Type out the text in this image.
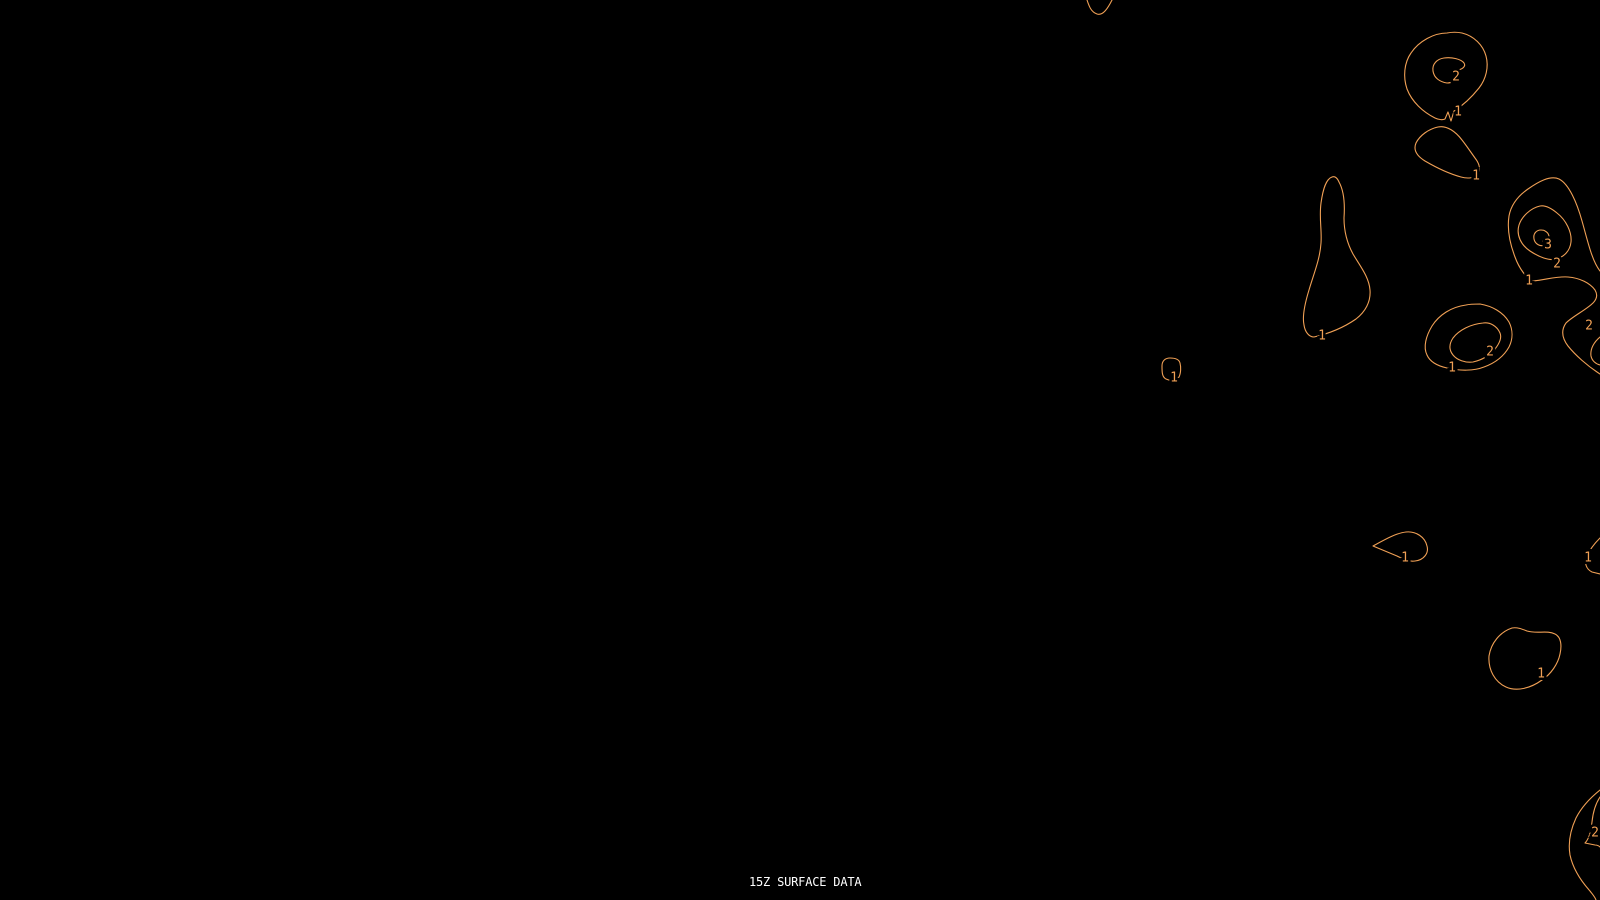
2
1
1
3
2
1
2
1
2
1
1
1	1
1
2
15Z SURFACE DATA
